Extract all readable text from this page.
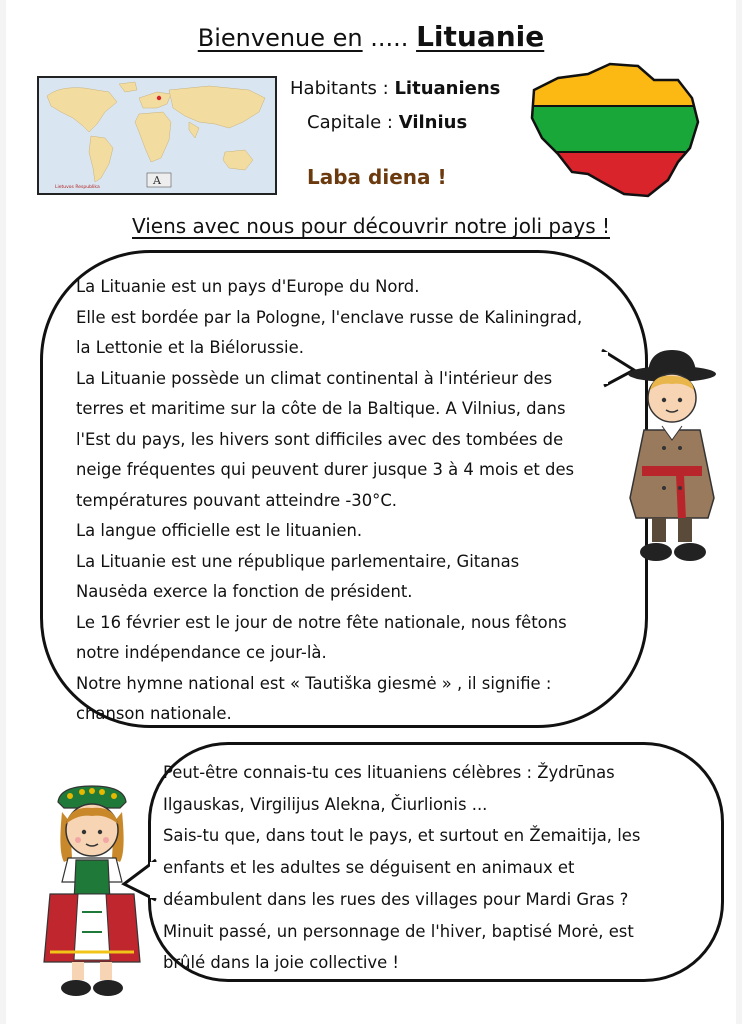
Bienvenue en ..... Lituanie
A
Lietuvos Respublika
Habitants : Lituaniens
Capitale : Vilnius
Laba diena !
Viens avec nous pour découvrir notre joli pays !
La Lituanie est un pays d'Europe du Nord.
Elle est bordée par la Pologne, l'enclave russe de Kaliningrad,
la Lettonie et la Biélorussie.
La Lituanie possède un climat continental à l'intérieur des
terres et maritime sur la côte de la Baltique. A Vilnius, dans
l'Est du pays, les hivers sont difficiles avec des tombées de
neige fréquentes qui peuvent durer jusque 3 à 4 mois et des
températures pouvant atteindre -30°C.
La langue officielle est le lituanien.
La Lituanie est une république parlementaire, Gitanas
Nausėda exerce la fonction de président.
Le 16 février est le jour de notre fête nationale, nous fêtons
notre indépendance ce jour-là.
Notre hymne national est « Tautiška giesmė » , il signifie :
chanson nationale.
Peut-être connais-tu ces lituaniens célèbres : Žydrūnas
Ilgauskas, Virgilijus Alekna, Čiurlionis ...
Sais-tu que, dans tout le pays, et surtout en Žemaitija, les
enfants et les adultes se déguisent en animaux et
déambulent dans les rues des villages pour Mardi Gras ?
Minuit passé, un personnage de l'hiver, baptisé Morė, est
brûlé dans la joie collective !
